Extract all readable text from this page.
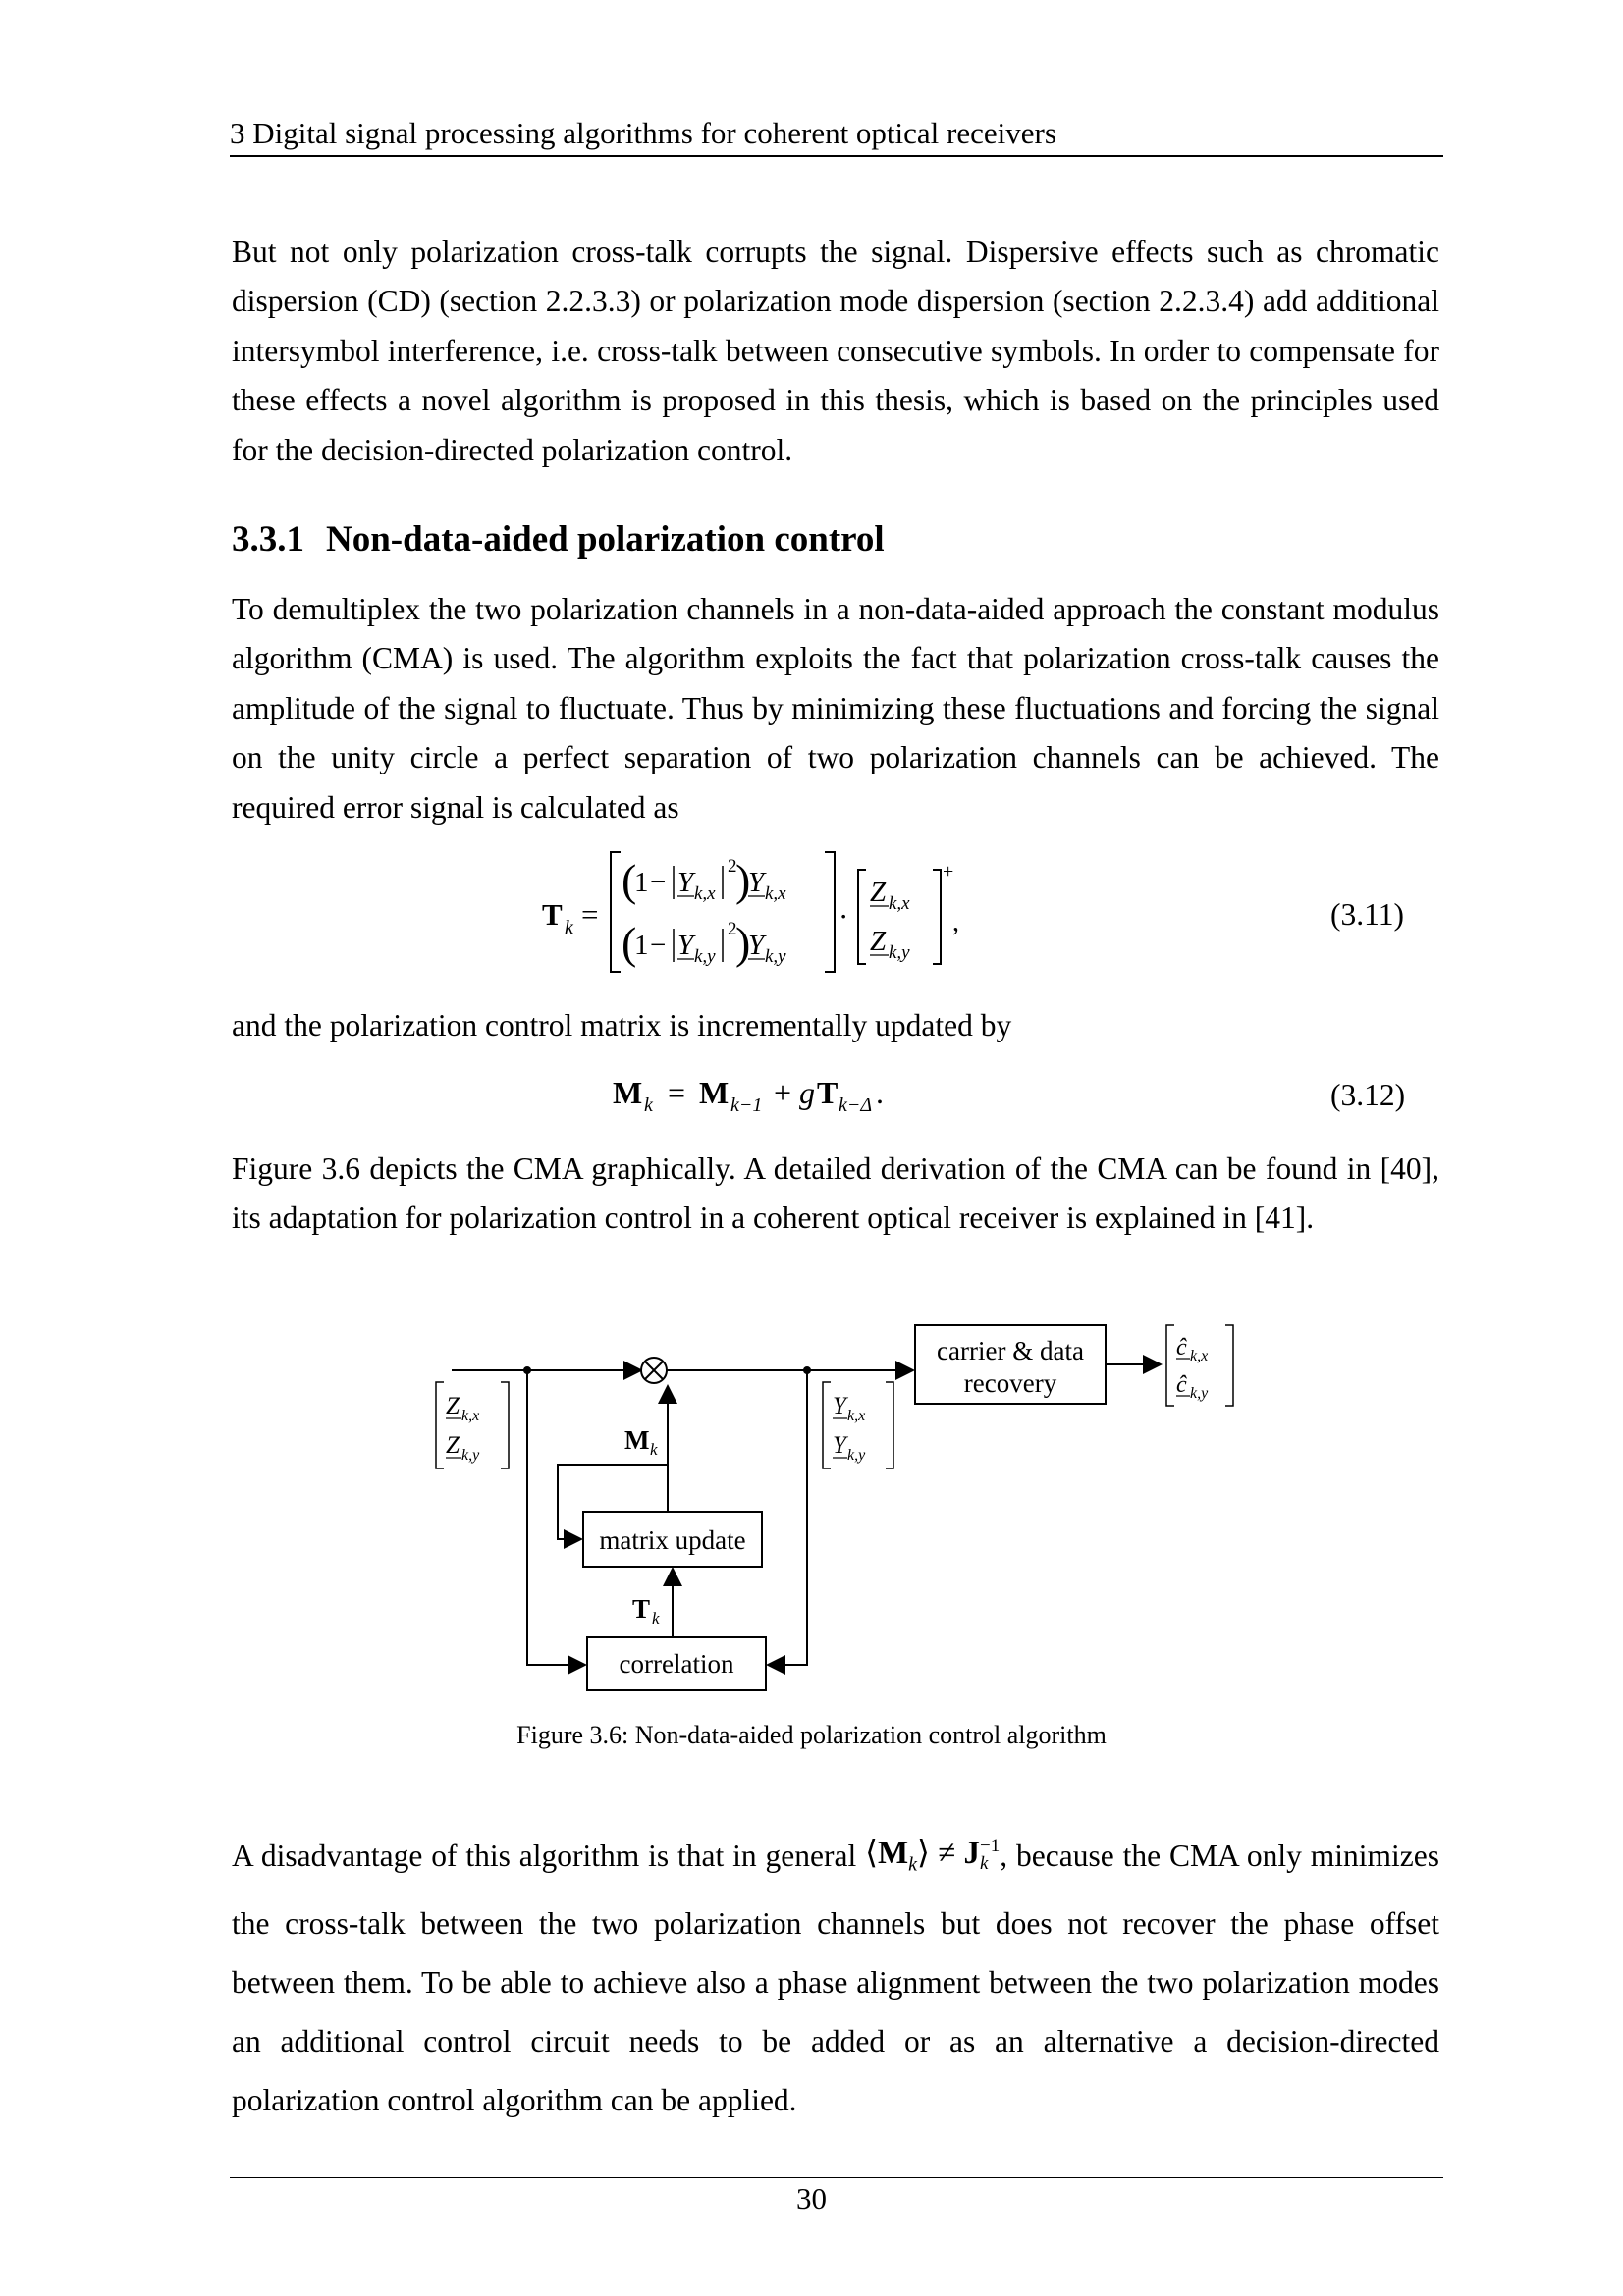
3 Digital signal processing algorithms for coherent optical receivers
But not only polarization cross-talk corrupts the signal. Dispersive effects such as chromatic dispersion (CD) (section 2.2.3.3) or polarization mode dispersion (section 2.2.3.4) add additional intersymbol interference, i.e. cross-talk between consecutive symbols. In order to compensate for these effects a novel algorithm is proposed in this thesis, which is based on the principles used for the decision-directed polarization control.
3.3.1 Non-data-aided polarization control
To demultiplex the two polarization channels in a non-data-aided approach the constant modulus algorithm (CMA) is used. The algorithm exploits the fact that polarization cross-talk causes the amplitude of the signal to fluctuate. Thus by minimizing these fluctuations and forcing the signal on the unity circle a perfect separation of two polarization channels can be achieved. The required error signal is calculated as
T k =
(
1 − Y k,x
2
)
Y k,x
(
1 − Y k,y
2
)
Y k,y
·
Z k,x
Z k,y
+
,	(3.11)
and the polarization control matrix is incrementally updated by
M k = M k−1 + g T k−Δ .	(3.12)
Figure 3.6 depicts the CMA graphically. A detailed derivation of the CMA can be found in [40], its adaptation for polarization control in a coherent optical receiver is explained in [41].
carrier & data
recovery
ĉ k,x
ĉ k,y
Z k,x
Z k,y
Y k,x
Y k,y
M k
matrix update
T k
correlation
Figure 3.6: Non-data-aided polarization control algorithm
A disadvantage of this algorithm is that in general $⟨M_k⟩ \ne J -1$
k , because the CMA only minimizes the cross-talk between the two polarization channels but does not recover the phase offset between them. To be able to achieve also a phase alignment between the two polarization modes an additional control circuit needs to be added or as an alternative a decision-directed polarization control algorithm can be applied.
30
